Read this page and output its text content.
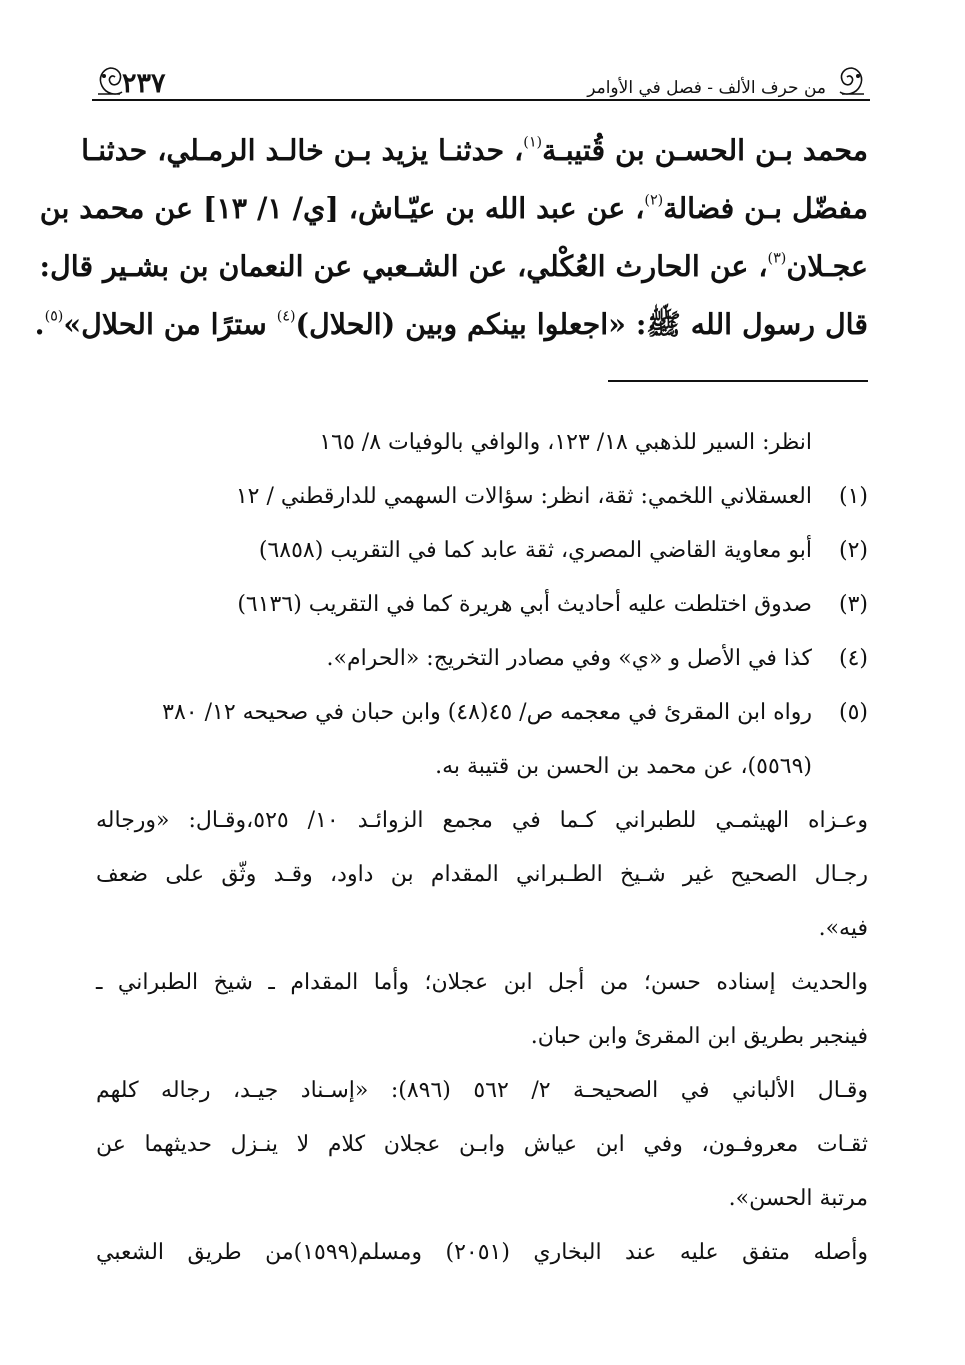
من حرف الألف - فصل في الأوامر
٢٣٧
محمد بـن الحسـن بن قُتيبـة$^{(١)}$، حدثنـا يزيد بـن خالـد الرمـلي، حدثنـا
مفضّل بـن فضالة$^{(٢)}$، عن عبد الله بن عيّـاش، [ي/ ١/ ١٣] عن محمد بن
عجـلان$^{(٣)}$، عن الحارث العُكْلي، عن الشـعبي عن النعمان بن بشـير قال:
قال رسول الله ﷺ: «اجعلوا بينكم وبين (الحلال)$^{(٤)}$ سترًا من الحلال»$^{(٥)}$.
انظر: السير للذهبي ١٨/ ١٢٣، والوافي بالوفيات ٨/ ١٦٥
(١)العسقلاني اللخمي: ثقة، انظر: سؤالات السهمي للدارقطني / ١٢
(٢)أبو معاوية القاضي المصري، ثقة عابد كما في التقريب (٦٨٥٨)
(٣)صدوق اختلطت عليه أحاديث أبي هريرة كما في التقريب (٦١٣٦)
(٤)كذا في الأصل و «ي» وفي مصادر التخريج: «الحرام».
(٥)رواه ابن المقرئ في معجمه ص/ ٤٥(٤٨) وابن حبان في صحيحه ١٢/ ٣٨٠
(٥٥٦٩)، عن محمد بن الحسن بن قتيبة به.
وعـزاه الهيثمـي للطبراني كـما في مجمع الزوائـد ١٠/ ٥٢٥،وقـال: «ورجاله
رجـال الصحيح غير شـيخ الطـبراني المقدام بن داود، وقـد وثّق على ضعف
فيه».
والحديث إسناده حسن؛ من أجل ابن عجلان؛ وأما المقدام ـ شيخ الطبراني ـ
فينجبر بطريق ابن المقرئ وابن حبان.
وقـال الألباني في الصحيحـة ٢/ ٥٦٢ (٨٩٦): «إسـناد جيـد، رجاله كلهم
ثقـات معروفـون، وفي ابن عياش وابـن عجلان كلام لا ينـزل حديثهما عن
مرتبة الحسن».
وأصله متفق عليه عند البخاري (٢٠٥١) ومسلم(١٥٩٩)من طريق الشعبي
